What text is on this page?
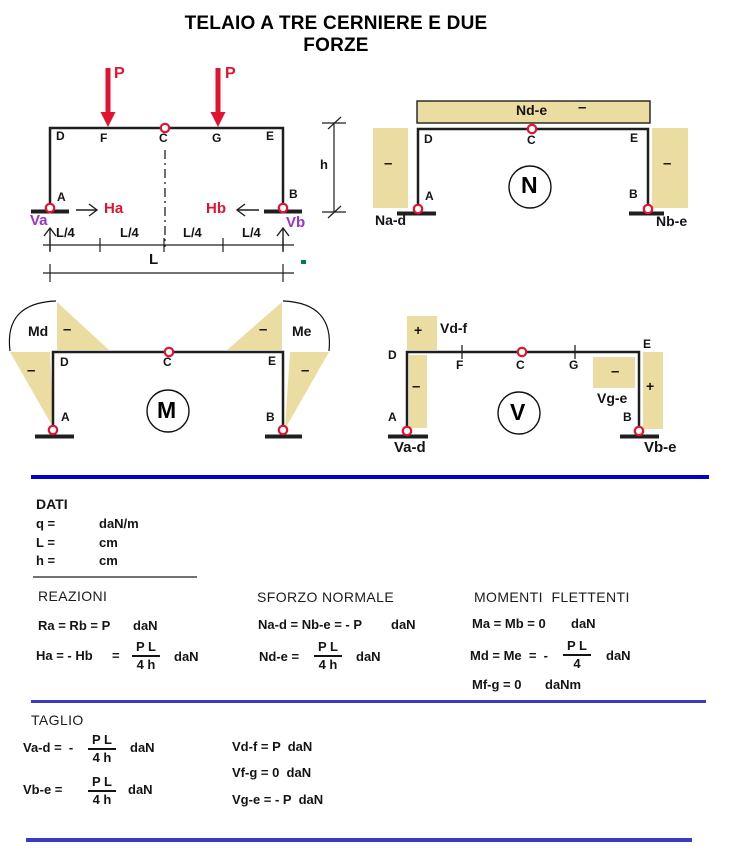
TELAIO A TRE CERNIERE E DUE FORZE
P	P
D	F	C	G	E
A	B
Ha	Hb
Va	Vb
L/4	L/4	L/4	L/4
L
h
Nd-e –
D	C	E
A	B
–	–
N
Na-d	Nb-e
Md	Me
–
–
–
–
D	C	E
A	B
M
Vd-f
+
D
F	C	G
E
–
–
Vg-e
+
A	B
V
Va-d	Vb-e
DATI
q =	daN/m
L =	cm
h =	cm
REAZIONI
Ra = Rb = P daN
Ha = - $Hb = \frac{\text{P L}}{4 h}$ daN
SFORZO NORMALE
Na-d = Nb-e = - P daN
$Nd-e = \frac{\text{P L}}{4 h}$ daN
MOMENTI  FLETTENTI
Ma = Mb = 0 daN
Md = Me  =  - $\frac{\text{P L}}{4}$ daN
Mf-g = 0 daNm
TAGLIO
Va-d =  - $\frac{\text{P L}}{4 h}$ daN
$Vb-e = \frac{\text{P L}}{4 h}$ daN
Vd-f = P  daN
Vf-g = 0  daN
Vg-e = - P  daN
